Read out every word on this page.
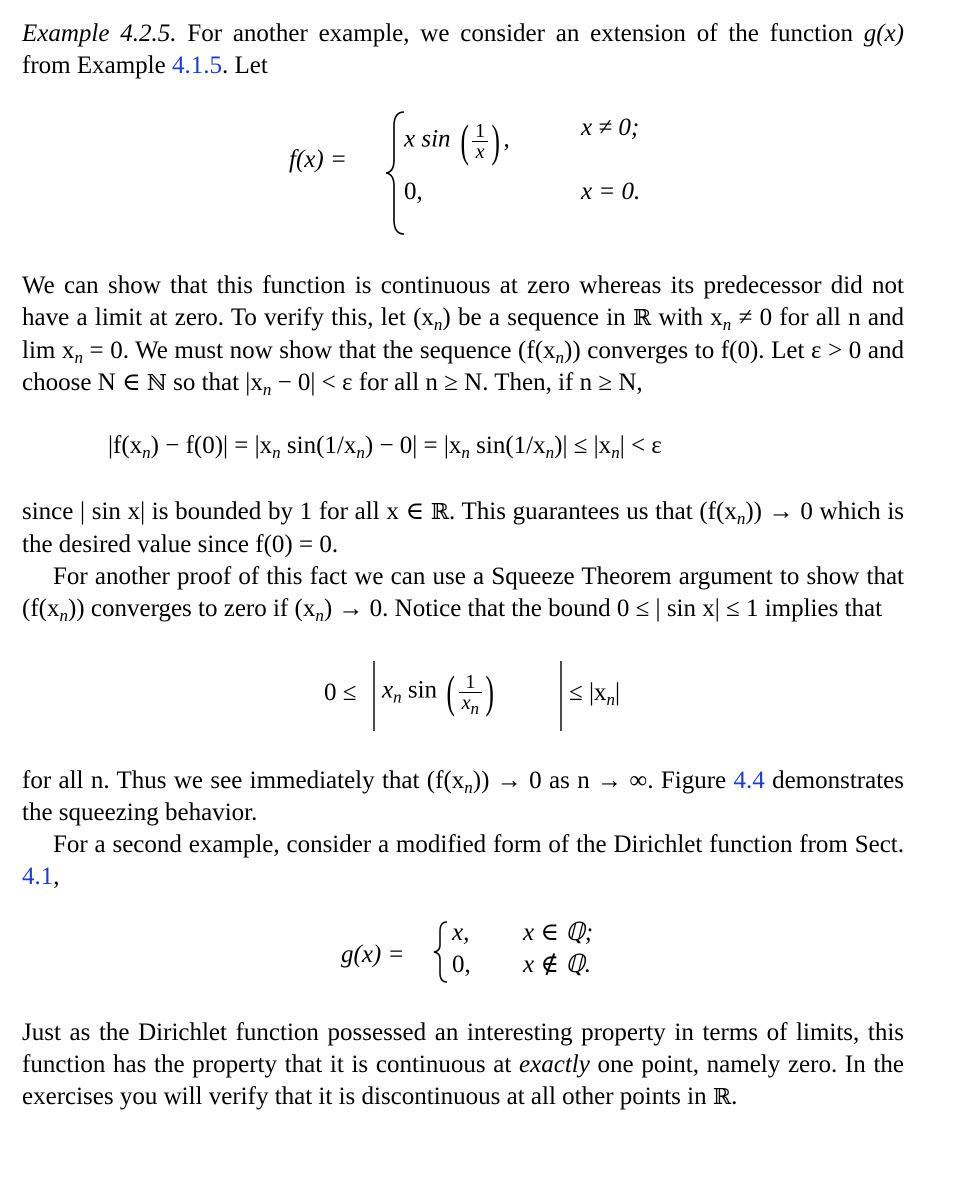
Example 4.2.5. For another example, we consider an extension of the function g(x) from Example 4.1.5. Let

f(x) =
x sin ( $\frac{1}{x}$ ) ,	x ≠ 0;
0,	x = 0.

We can show that this function is continuous at zero whereas its predecessor did not have a limit at zero. To verify this, let $(x_n)$ be a sequence in ℝ with $x_n \ne 0$ for all n and $\lim x_n = 0$. We must now show that the sequence $(f(x_n))$ converges to f(0). Let ε > 0 and choose N ∈ ℕ so that $|x_n - 0| < \varepsilon$ for all n ≥ N. Then, if n ≥ N,

$|f(x_n) - f(0)| = |x_n$ $\sin(1/x_n) - 0| = |x_n$ $\sin(1/x_n)| \le |x_n| < \varepsilon$

since | sin x| is bounded by 1 for all x ∈ ℝ. This guarantees us that $(f(x_n)) \to 0$ which is the desired value since f(0) = 0.

For another proof of this fact we can use a Squeeze Theorem argument to show that $(f(x_n))$ converges to zero if $(x_n) \to 0$. Notice that the bound 0 ≤ | sin x| ≤ 1 implies that

$0 \le x_n$ sin ( $\frac{1}{x_n}$ )	≤ $|x_n|$

for all n. Thus we see immediately that $(f(x_n)) \to 0$ as n → ∞. Figure 4.4 demonstrates the squeezing behavior.

For a second example, consider a modified form of the Dirichlet function from Sect. 4.1,

g(x) =
x, x ∈ ℚ;
0, x ∉ ℚ.

Just as the Dirichlet function possessed an interesting property in terms of limits, this function has the property that it is continuous at exactly one point, namely zero. In the exercises you will verify that it is discontinuous at all other points in ℝ.
